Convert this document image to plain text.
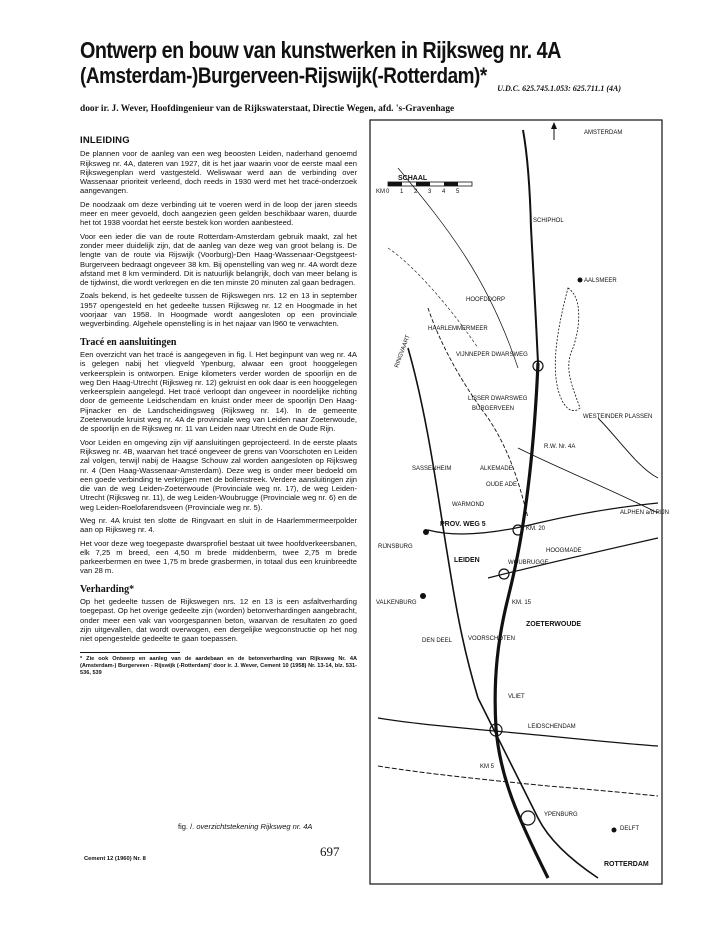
Ontwerp en bouw van kunstwerken in Rijksweg nr. 4A
(Amsterdam-)Burgerveen-Rijswijk(-Rotterdam)*
U.D.C. 625.745.1.053: 625.711.1 (4A)
door ir. J. Wever, Hoofdingenieur van de Rijkswaterstaat, Directie Wegen, afd. 's-Gravenhage
INLEIDING

De plannen voor de aanleg van een weg beoosten Leiden, naderhand genoemd Rijksweg nr. 4A, dateren van 1927, dit is het jaar waarin voor de eerste maal een Rijkswegenplan werd vastgesteld. Weliswaar werd aan de verbinding over Wassenaar prioriteit verleend, doch reeds in 1930 werd met het tracé-onderzoek aangevangen.

De noodzaak om deze verbinding uit te voeren werd in de loop der jaren steeds meer en meer gevoeld, doch aangezien geen gelden beschikbaar waren, duurde het tot 1938 voordat het eerste bestek kon worden aanbesteed.

Voor een ieder die van de route Rotterdam-Amsterdam gebruik maakt, zal het zonder meer duidelijk zijn, dat de aanleg van deze weg van groot belang is. De lengte van de route via Rijswijk (Voorburg)-Den Haag-Wassenaar-Oegstgeest-Burgerveen bedraagt ongeveer 38 km. Bij openstelling van weg nr. 4A wordt deze afstand met 8 km verminderd. Dit is natuurlijk belangrijk, doch van meer belang is de tijdwinst, die wordt verkregen en die ten minste 20 minuten zal gaan bedragen.

Zoals bekend, is het gedeelte tussen de Rijkswegen nrs. 12 en 13 in september 1957 opengesteld en het gedeelte tussen Rijksweg nr. 12 en Hoogmade in het voorjaar van 1958. In Hoogmade wordt aangesloten op een provinciale wegverbinding. Algehele openstelling is in het najaar van l960 te verwachten.

Tracé en aansluitingen

Een overzicht van het tracé is aangegeven in fig. l. Het beginpunt van weg nr. 4A is gelegen nabij het vliegveld Ypenburg, alwaar een groot hooggelegen verkeersplein is ontworpen. Enige kilometers verder worden de spoorlijn en de weg Den Haag-Utrecht (Rijksweg nr. 12) gekruist en ook daar is een hooggelegen verkeersplein aangelegd. Het tracé verloopt dan ongeveer in noordelijke richting door de gemeente Leidschendam en kruist onder meer de spoorlijn Den Haag-Pijnacker en de Landscheidingsweg (Rijksweg nr. 14). In de gemeente Zoeterwoude kruist weg nr. 4A de provinciale weg van Leiden naar Zoeterwoude, de spoorlijn en de Rijksweg nr. 11 van Leiden naar Utrecht en de Oude Rijn.

Voor Leiden en omgeving zijn vijf aansluitingen geprojecteerd. In de eerste plaats Rijksweg nr. 4B, waarvan het tracé ongeveer de grens van Voorschoten en Leiden zal volgen, terwijl nabij de Haagse Schouw zal worden aangesloten op Rijksweg nr. 4 (Den Haag-Wassenaar-Amsterdam). Deze weg is onder meer bedoeld om een goede verbinding te verkrijgen met de bollenstreek. Verdere aansluitingen zijn die van de weg Leiden-Zoeterwoude (Provinciale weg nr. 17), de weg Leiden-Utrecht (Rijksweg nr. 11), de weg Leiden-Woubrugge (Provinciale weg nr. 6) en de weg Leiden-Roelofarendsveen (Provinciale weg nr. 5).

Weg nr. 4A kruist ten slotte de Ringvaart en sluit in de Haarlemmermeerpolder aan op Rijksweg nr. 4.

Het voor deze weg toegepaste dwarsprofiel bestaat uit twee hoofdverkeersbanen, elk 7,25 m breed, een 4,50 m brede middenberm, twee 2,75 m brede parkeerbermen en twee 1,75 m brede grasbermen, in totaal dus een kruinbreedte van 28 m.

Verharding*

Op het gedeelte tussen de Rijkswegen nrs. 12 en 13 is een asfaltverharding toegepast. Op het overige gedeelte zijn (worden) betonverhardingen aangebracht, onder meer een vak van voorgespannen beton, waarvan de resultaten zo goed zijn uitgevallen, dat wordt overwogen, een dergelijke wegconstructie op het nog niet opengestelde gedeelte te gaan toepassen.

* Zie ook Ontwerp en aanleg van de aardebaan en de betonverharding van Rijksweg Nr. 4A (Amsterdam-) Burgerveen - Rijswijk (-Rotterdam)' door ir. J. Wever, Cement 10 (1958) Nr. 13-14, blz. 531-536, 539
fig. /. overzichtstekening Rijksweg nr. 4A
697
Cement 12 (1960) Nr. 8
SCHAAL
KM 0 1 2 3 4 5
AMSTERDAM
SCHIPHOL
HOOFDDORP
AALSMEER
HAARLEMMERMEER
VIJNNEPER DWARSWEG
LISSER DWARSWEG
BURGERVEEN
WESTEINDER PLASSEN
SASSENHEIM	ALKEMADE
R.W. Nr. 4A
WARMOND
OUDE ADE
PROV. WEG 5
KM. 20
ALPHEN a/d RIJN
RIJNSBURG
LEIDEN	WOUBRUGGE
VALKENBURG	KM. 15
ZOETERWOUDE
DEN DEEL	VOORSCHOTEN
VLIET
LEIDSCHENDAM
KM 5
YPENBURG
DELFT
ROTTERDAM
RINGVAART
HOOGMADE
